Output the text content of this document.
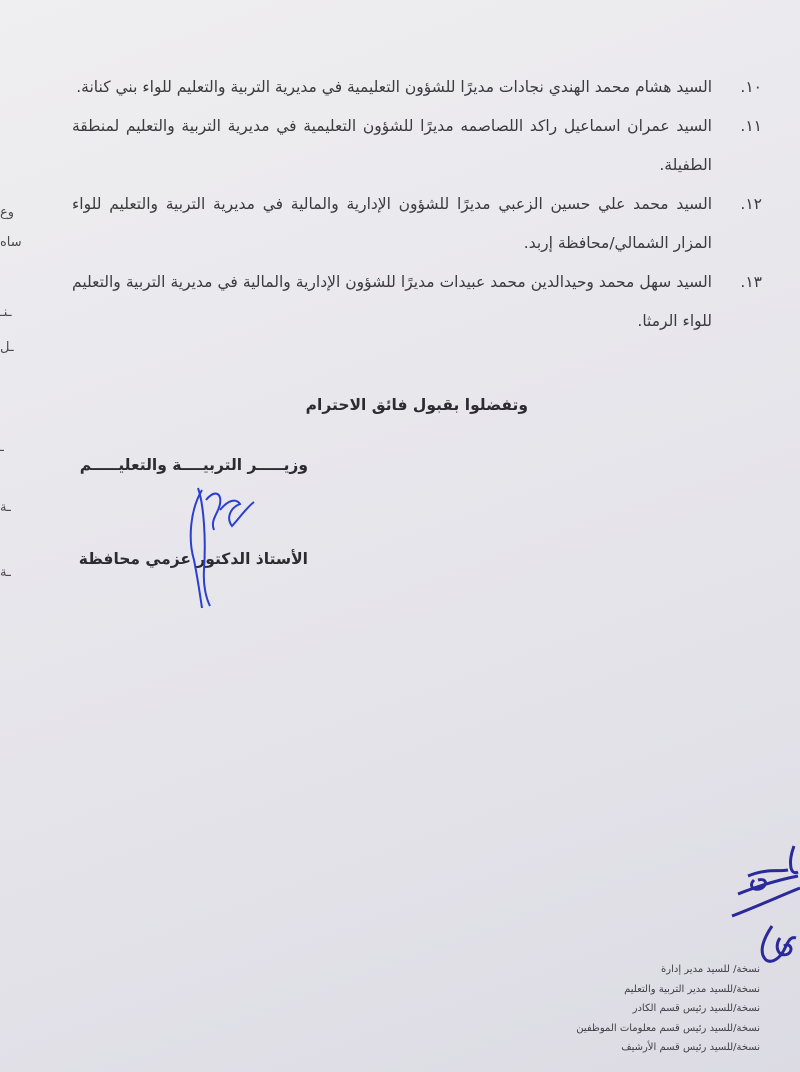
وع
ساه
ـنـ
ـل
ـ
ـة
ـة
١٠.
السيد هشام محمد الهندي نجادات مديرًا للشؤون التعليمية في مديرية التربية والتعليم للواء بني كنانة.
١١.
السيد عمران اسماعيل راكد اللصاصمه مديرًا للشؤون التعليمية في مديرية التربية والتعليم لمنطقة الطفيلة.
١٢.
السيد محمد علي حسين الزعبي مديرًا للشؤون الإدارية والمالية في مديرية التربية والتعليم للواء المزار الشمالي/محافظة إربد.
١٣.
السيد سهل محمد وحيدالدين محمد عبيدات مديرًا للشؤون الإدارية والمالية في مديرية التربية والتعليم للواء الرمثا.
وتفضلوا بقبول فائق الاحترام
وزيـــــر التربيــــة والتعليـــــم
الأستاذ الدكتور عزمي محافظة
نسخة/ للسيد مدير إدارة
نسخة/للسيد مدير التربية والتعليم
نسخة/للسيد رئيس قسم الكادر
نسخة/للسيد رئيس قسم معلومات الموظفين
نسخة/للسيد رئيس قسم الأرشيف
